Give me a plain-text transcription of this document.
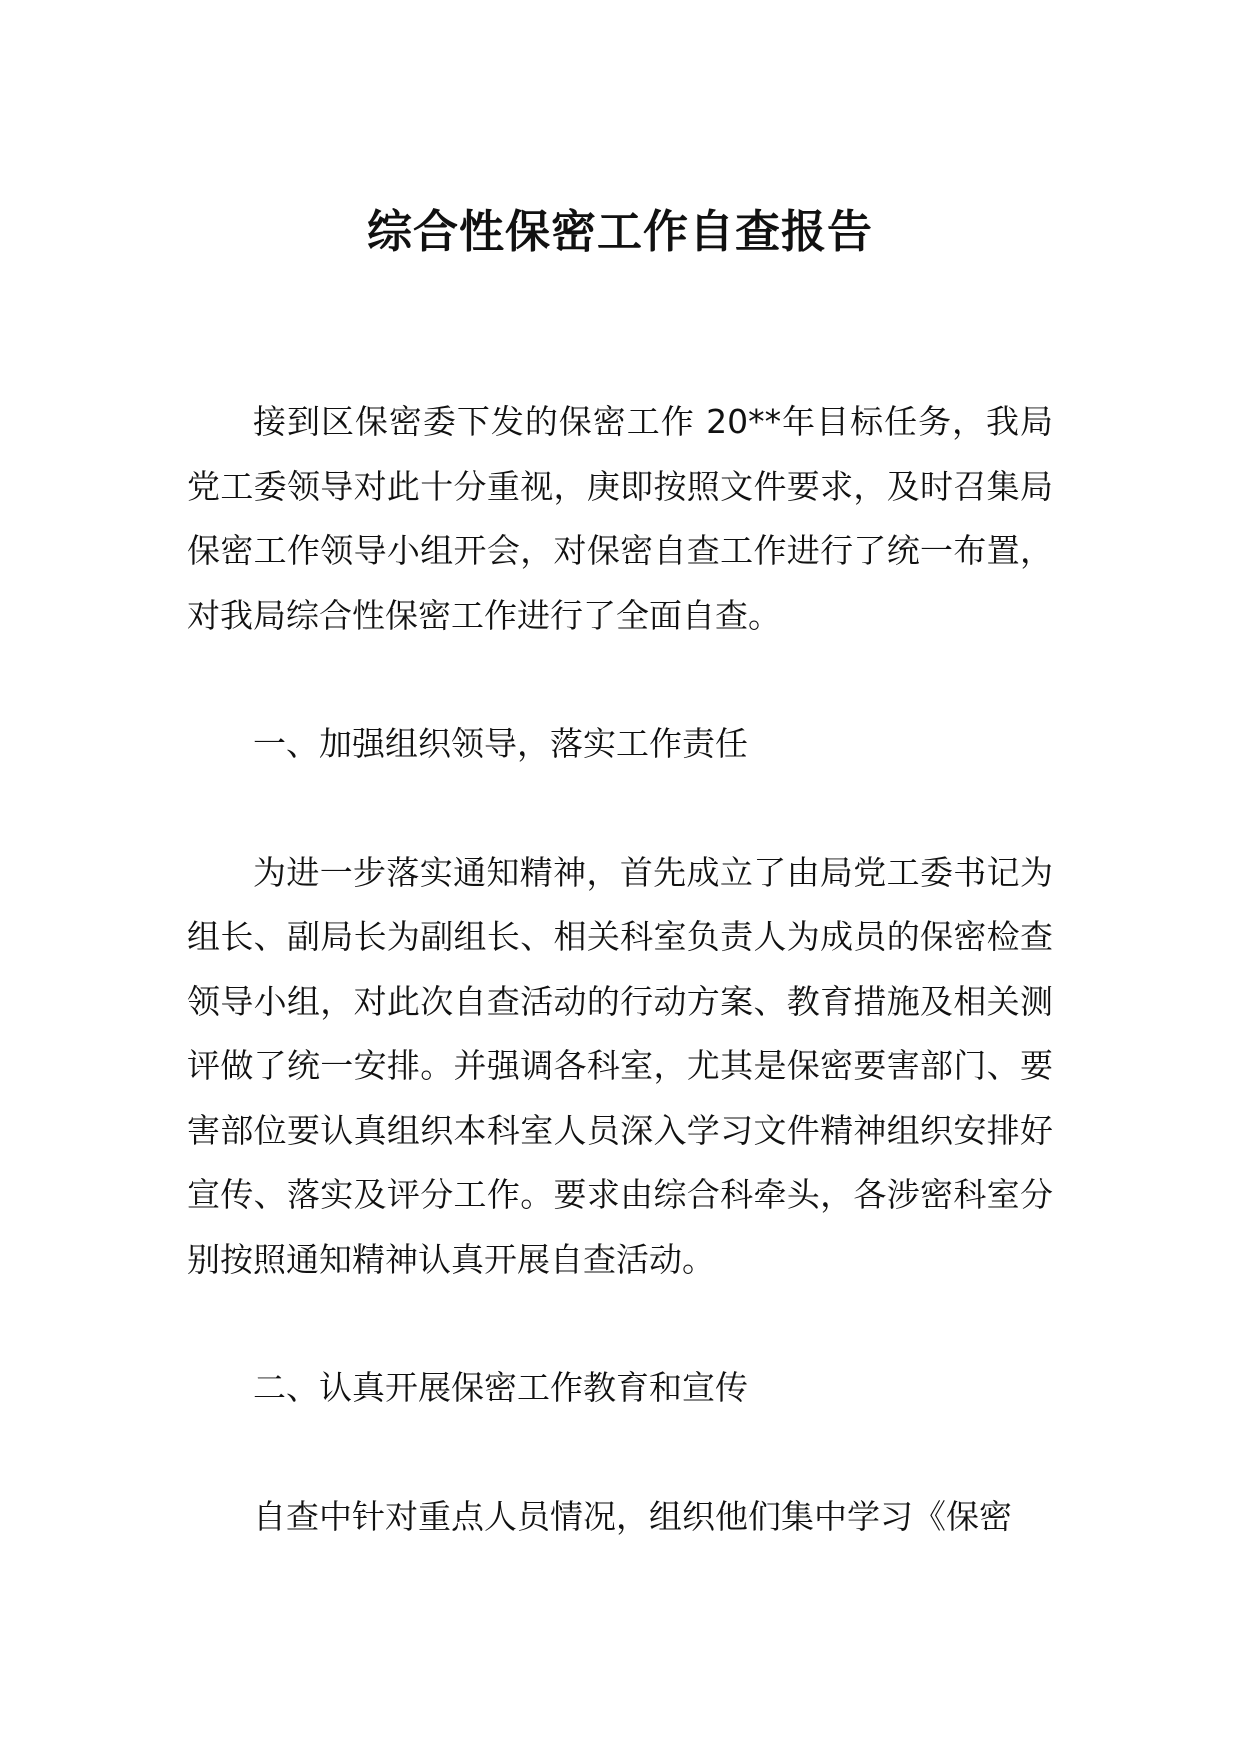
综合性保密工作自查报告

接到区保密委下发的保密工作 20**年目标任务，我局党工委领导对此十分重视，庚即按照文件要求，及时召集局保密工作领导小组开会，对保密自查工作进行了统一布置，对我局综合性保密工作进行了全面自查。

一、加强组织领导，落实工作责任

为进一步落实通知精神，首先成立了由局党工委书记为组长、副局长为副组长、相关科室负责人为成员的保密检查领导小组，对此次自查活动的行动方案、教育措施及相关测评做了统一安排。并强调各科室，尤其是保密要害部门、要害部位要认真组织本科室人员深入学习文件精神组织安排好宣传、落实及评分工作。要求由综合科牵头，各涉密科室分别按照通知精神认真开展自查活动。

二、认真开展保密工作教育和宣传

自查中针对重点人员情况，组织他们集中学习《保密
